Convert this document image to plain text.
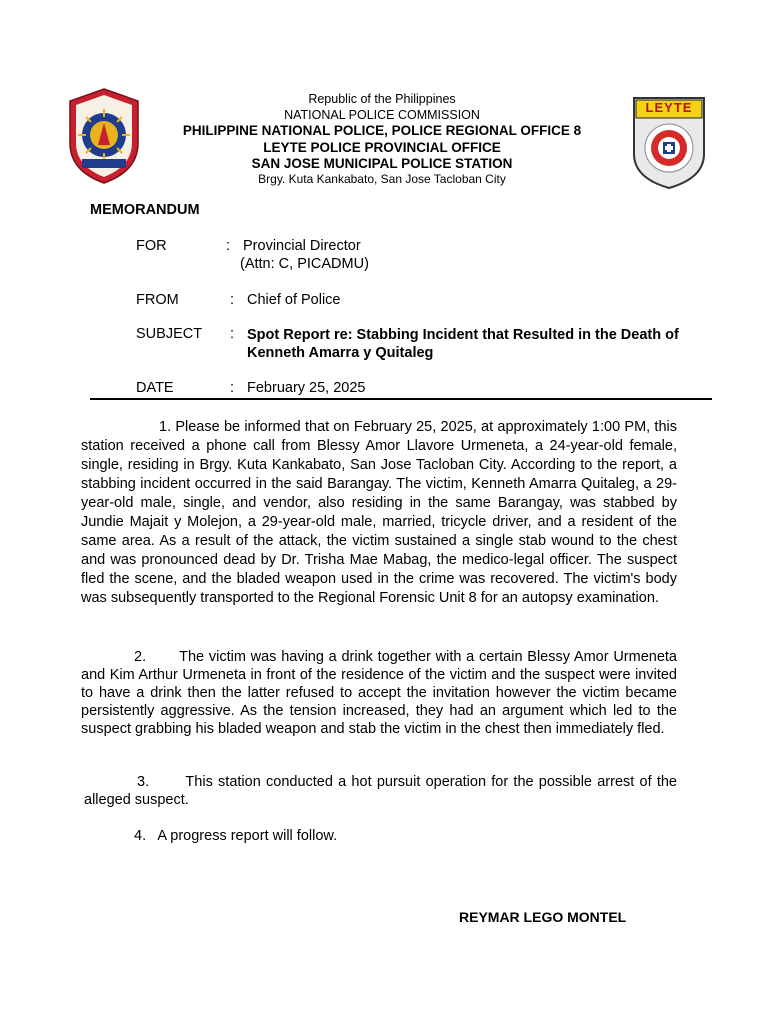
LEYTE
Republic of the Philippines
NATIONAL POLICE COMMISSION
PHILIPPINE NATIONAL POLICE, POLICE REGIONAL OFFICE 8
LEYTE POLICE PROVINCIAL OFFICE
SAN JOSE MUNICIPAL POLICE STATION
Brgy. Kuta Kankabato, San Jose Tacloban City
MEMORANDUM
FOR	: Provincial Director
(Attn: C, PICADMU)
FROM	: Chief of Police
SUBJECT : Spot Report re: Stabbing Incident that Resulted in the Death of Kenneth Amarra y Quitaleg
DATE	: February 25, 2025

1. Please be informed that on February 25, 2025, at approximately 1:00 PM, this station received a phone call from Blessy Amor Llavore Urmeneta, a 24-year-old female, single, residing in Brgy. Kuta Kankabato, San Jose Tacloban City. According to the report, a stabbing incident occurred in the said Barangay. The victim, Kenneth Amarra Quitaleg, a 29-year-old male, single, and vendor, also residing in the same Barangay, was stabbed by Jundie Majait y Molejon, a 29-year-old male, married, tricycle driver, and a resident of the same area. As a result of the attack, the victim sustained a single stab wound to the chest and was pronounced dead by Dr. Trisha Mae Mabag, the medico-legal officer. The suspect fled the scene, and the bladed weapon used in the crime was recovered. The victim's body was subsequently transported to the Regional Forensic Unit 8 for an autopsy examination.

2.       The victim was having a drink together with a certain Blessy Amor Urmeneta and Kim Arthur Urmeneta in front of the residence of the victim and the suspect were invited to have a drink then the latter refused to accept the invitation however the victim became persistently aggressive. As the tension increased, they had an argument which led to the suspect grabbing his bladed weapon and stab the victim in the chest then immediately fled.

3.       This station conducted a hot pursuit operation for the possible arrest of the alleged suspect.

4.   A progress report will follow.

REYMAR LEGO MONTEL
